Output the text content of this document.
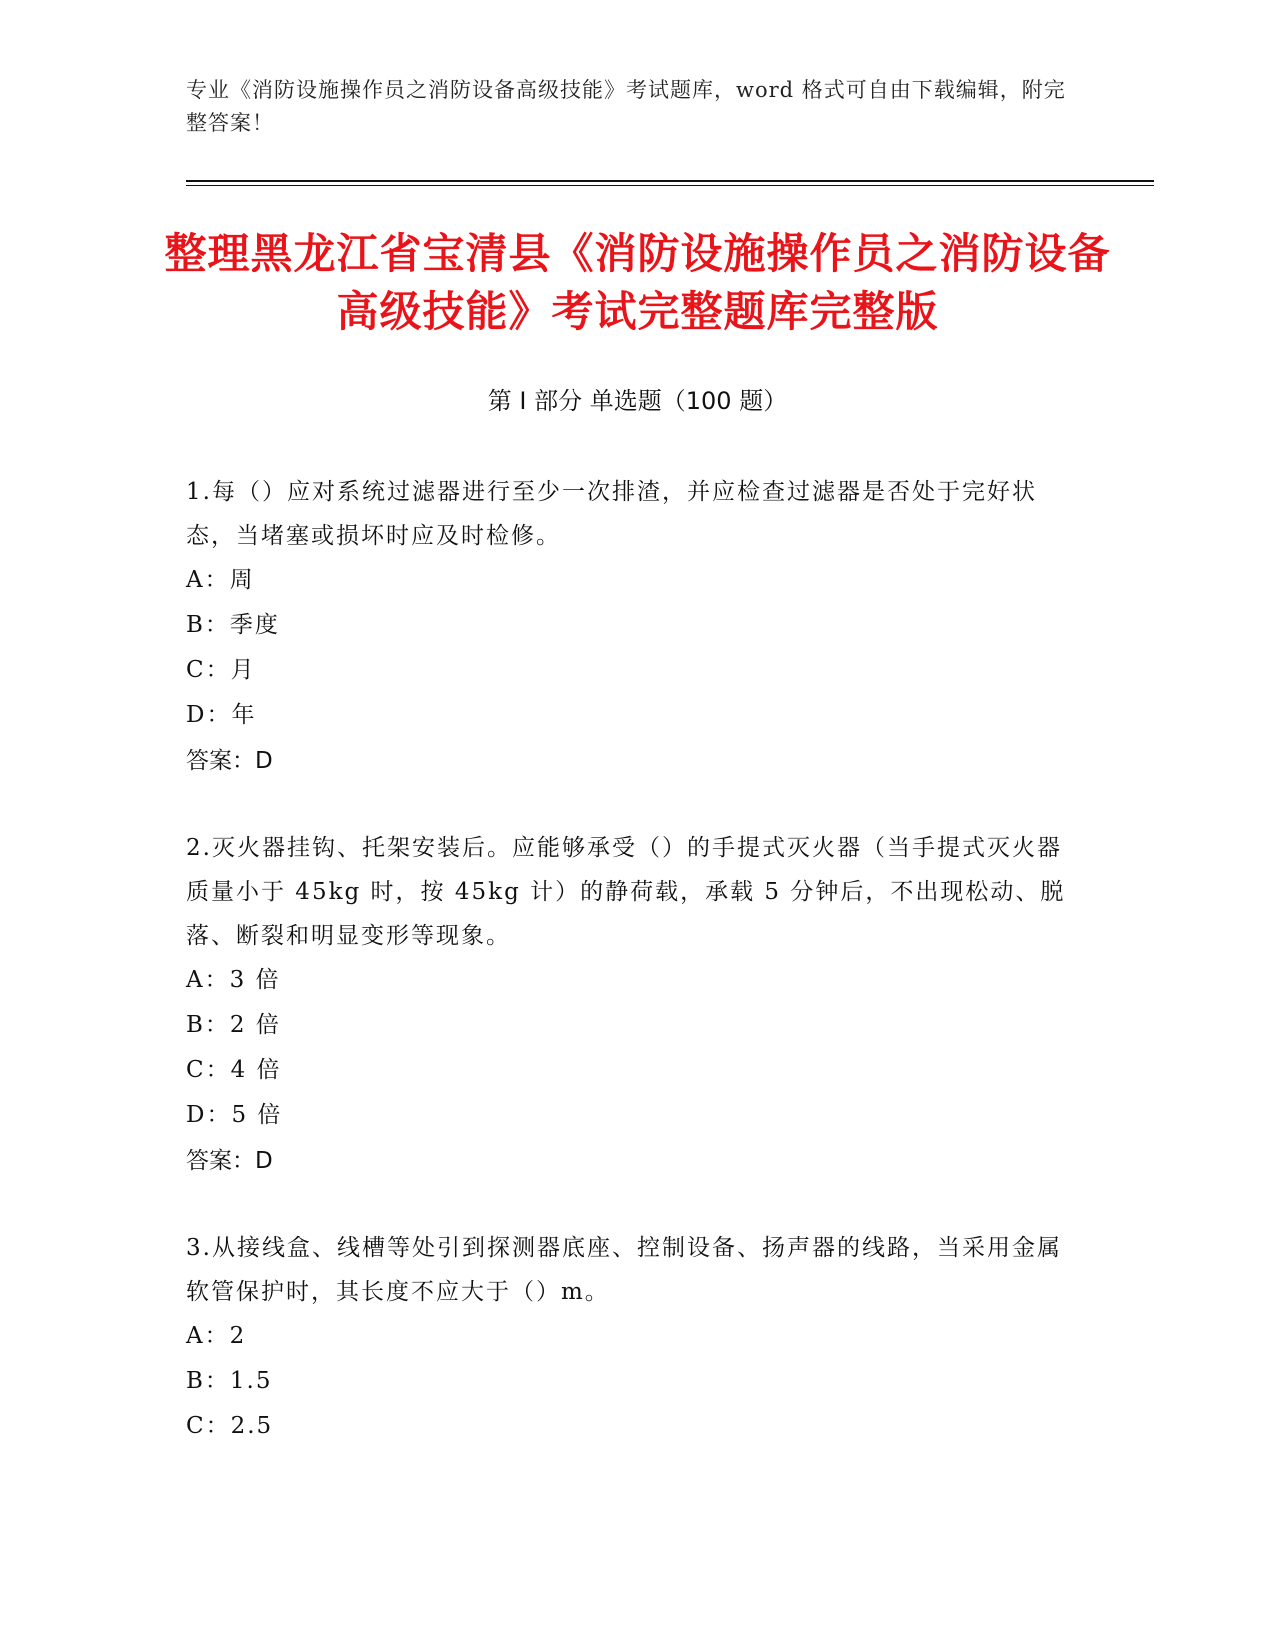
专业《消防设施操作员之消防设备高级技能》考试题库，word 格式可自由下载编辑，附完整答案！
整理黑龙江省宝清县《消防设施操作员之消防设备高级技能》考试完整题库完整版
第 I 部分 单选题（100 题）

1.每（）应对系统过滤器进行至少一次排渣，并应检查过滤器是否处于完好状态，当堵塞或损坏时应及时检修。

A：周

B：季度

C：月

D：年

答案：D

2.灭火器挂钩、托架安装后。应能够承受（）的手提式灭火器（当手提式灭火器质量小于 45kg 时，按 45kg 计）的静荷载，承载 5 分钟后，不出现松动、脱落、断裂和明显变形等现象。

A：3 倍

B：2 倍

C：4 倍

D：5 倍

答案：D

3.从接线盒、线槽等处引到探测器底座、控制设备、扬声器的线路，当采用金属软管保护时，其长度不应大于（）m。

A：2

B：1.5

C：2.5
